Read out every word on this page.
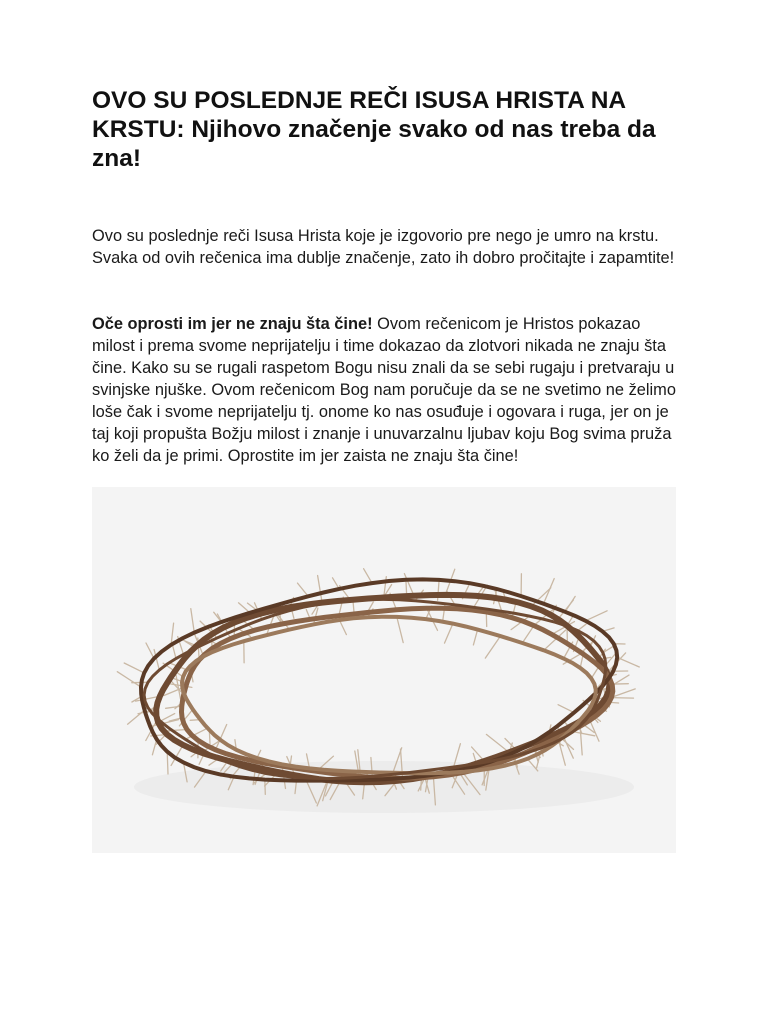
OVO SU POSLEDNJE REČI ISUSA HRISTA NA KRSTU: Njihovo značenje svako od nas treba da zna!

Ovo su poslednje reči Isusa Hrista koje je izgovorio pre nego je umro na krstu. Svaka od ovih rečenica ima dublje značenje, zato ih dobro pročitajte i zapamtite!

Oče oprosti im jer ne znaju šta čine! Ovom rečenicom je Hristos pokazao milost i prema svome neprijatelju i time dokazao da zlotvori nikada ne znaju šta čine. Kako su se rugali raspetom Bogu nisu znali da se sebi rugaju i pretvaraju u svinjske njuške. Ovom rečenicom Bog nam poručuje da se ne svetimo ne želimo loše čak i svome neprijatelju tj. onome ko nas osuđuje i ogovara i ruga, jer on je taj koji propušta Božju milost i znanje i unuvarzalnu ljubav koju Bog svima pruža ko želi da je primi. Oprostite im jer zaista ne znaju šta čine!
